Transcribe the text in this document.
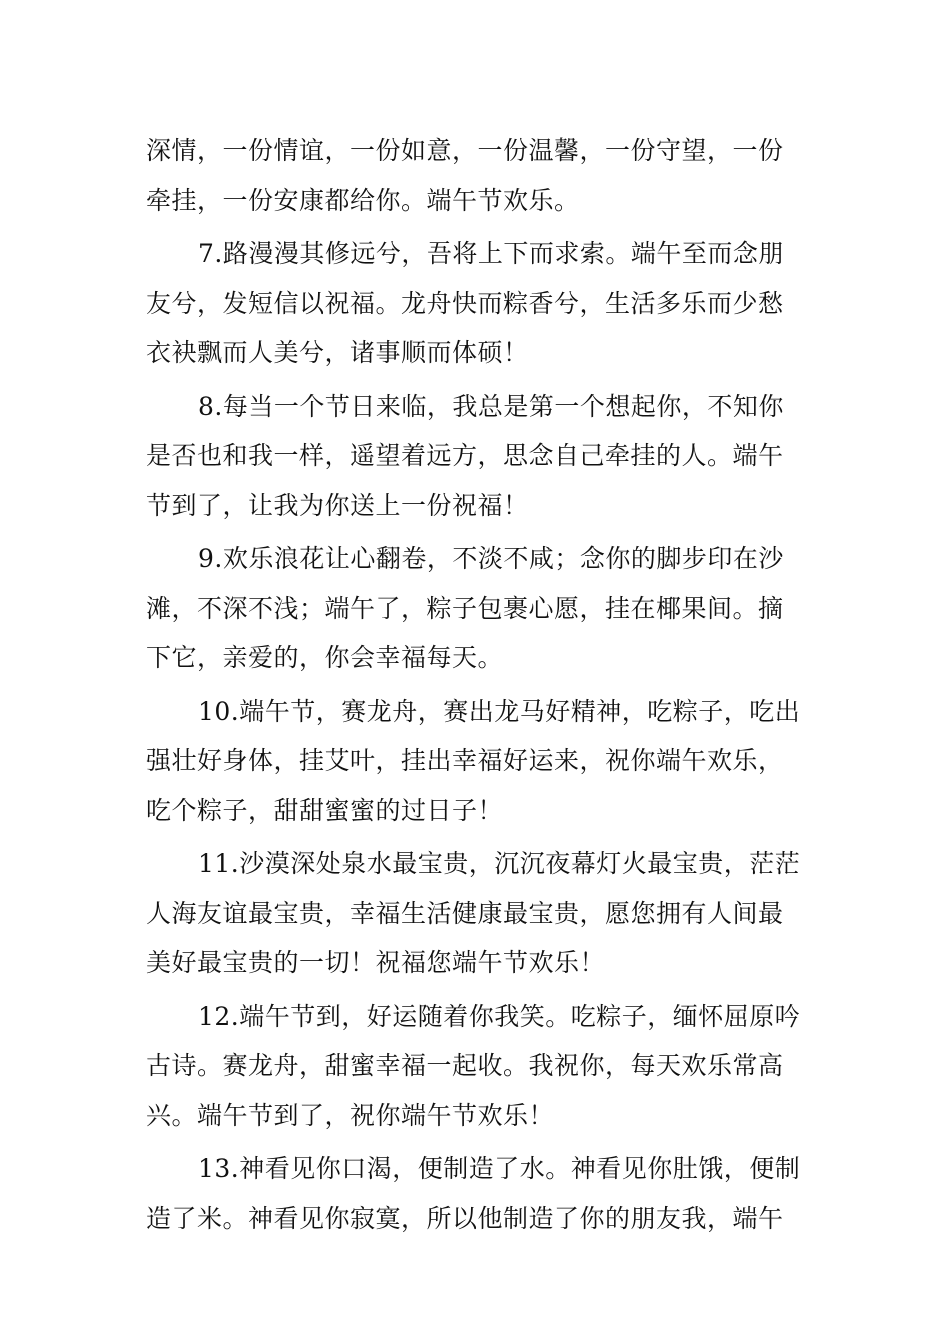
深情，一份情谊，一份如意，一份温馨，一份守望，一份
牵挂，一份安康都给你。端午节欢乐。
7.路漫漫其修远兮，吾将上下而求索。端午至而念朋
友兮，发短信以祝福。龙舟快而粽香兮，生活多乐而少愁
衣袂飘而人美兮，诸事顺而体硕！
8.每当一个节日来临，我总是第一个想起你，不知你
是否也和我一样，遥望着远方，思念自己牵挂的人。端午
节到了，让我为你送上一份祝福！
9.欢乐浪花让心翻卷，不淡不咸；念你的脚步印在沙
滩，不深不浅；端午了，粽子包裹心愿，挂在椰果间。摘
下它，亲爱的，你会幸福每天。
10.端午节，赛龙舟，赛出龙马好精神，吃粽子，吃出
强壮好身体，挂艾叶，挂出幸福好运来，祝你端午欢乐，
吃个粽子，甜甜蜜蜜的过日子！
11.沙漠深处泉水最宝贵，沉沉夜幕灯火最宝贵，茫茫
人海友谊最宝贵，幸福生活健康最宝贵，愿您拥有人间最
美好最宝贵的一切！祝福您端午节欢乐！
12.端午节到，好运随着你我笑。吃粽子，缅怀屈原吟
古诗。赛龙舟，甜蜜幸福一起收。我祝你，每天欢乐常高
兴。端午节到了，祝你端午节欢乐！
13.神看见你口渴，便制造了水。神看见你肚饿，便制
造了米。神看见你寂寞，所以他制造了你的朋友我，端午
